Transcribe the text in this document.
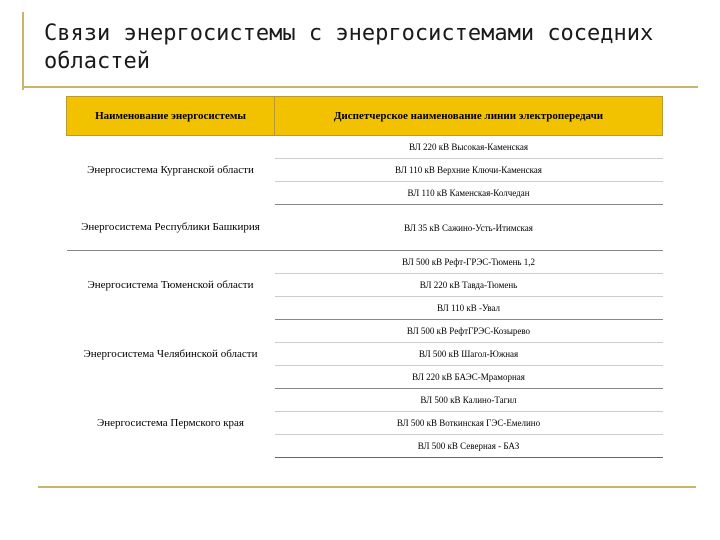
Связи энергосистемы с энергосистемами соседних областей
Наименование энергосистемы	Диспетчерское наименование линии электропередачи
Энергосистема Курганской области	ВЛ 220 кВ Высокая-Каменская
	ВЛ 110 кВ Верхние Ключи-Каменская
	ВЛ 110 кВ Каменская-Колчедан
Энергосистема Республики Башкирия	ВЛ 35 кВ Сажино-Усть-Итимская
Энергосистема Тюменской области	ВЛ 500 кВ Рефт-ГРЭС-Тюмень 1,2
	ВЛ 220 кВ Тавда-Тюмень
	ВЛ 110 кВ -Увал
Энергосистема Челябинской области	ВЛ 500 кВ РефтГРЭС-Козырево
	ВЛ 500 кВ Шагол-Южная
	ВЛ 220 кВ БАЭС-Мраморная
Энергосистема Пермского края	ВЛ 500 кВ Калино-Тагил
	ВЛ 500 кВ Воткинская ГЭС-Емелино
	ВЛ 500 кВ Северная - БАЗ
